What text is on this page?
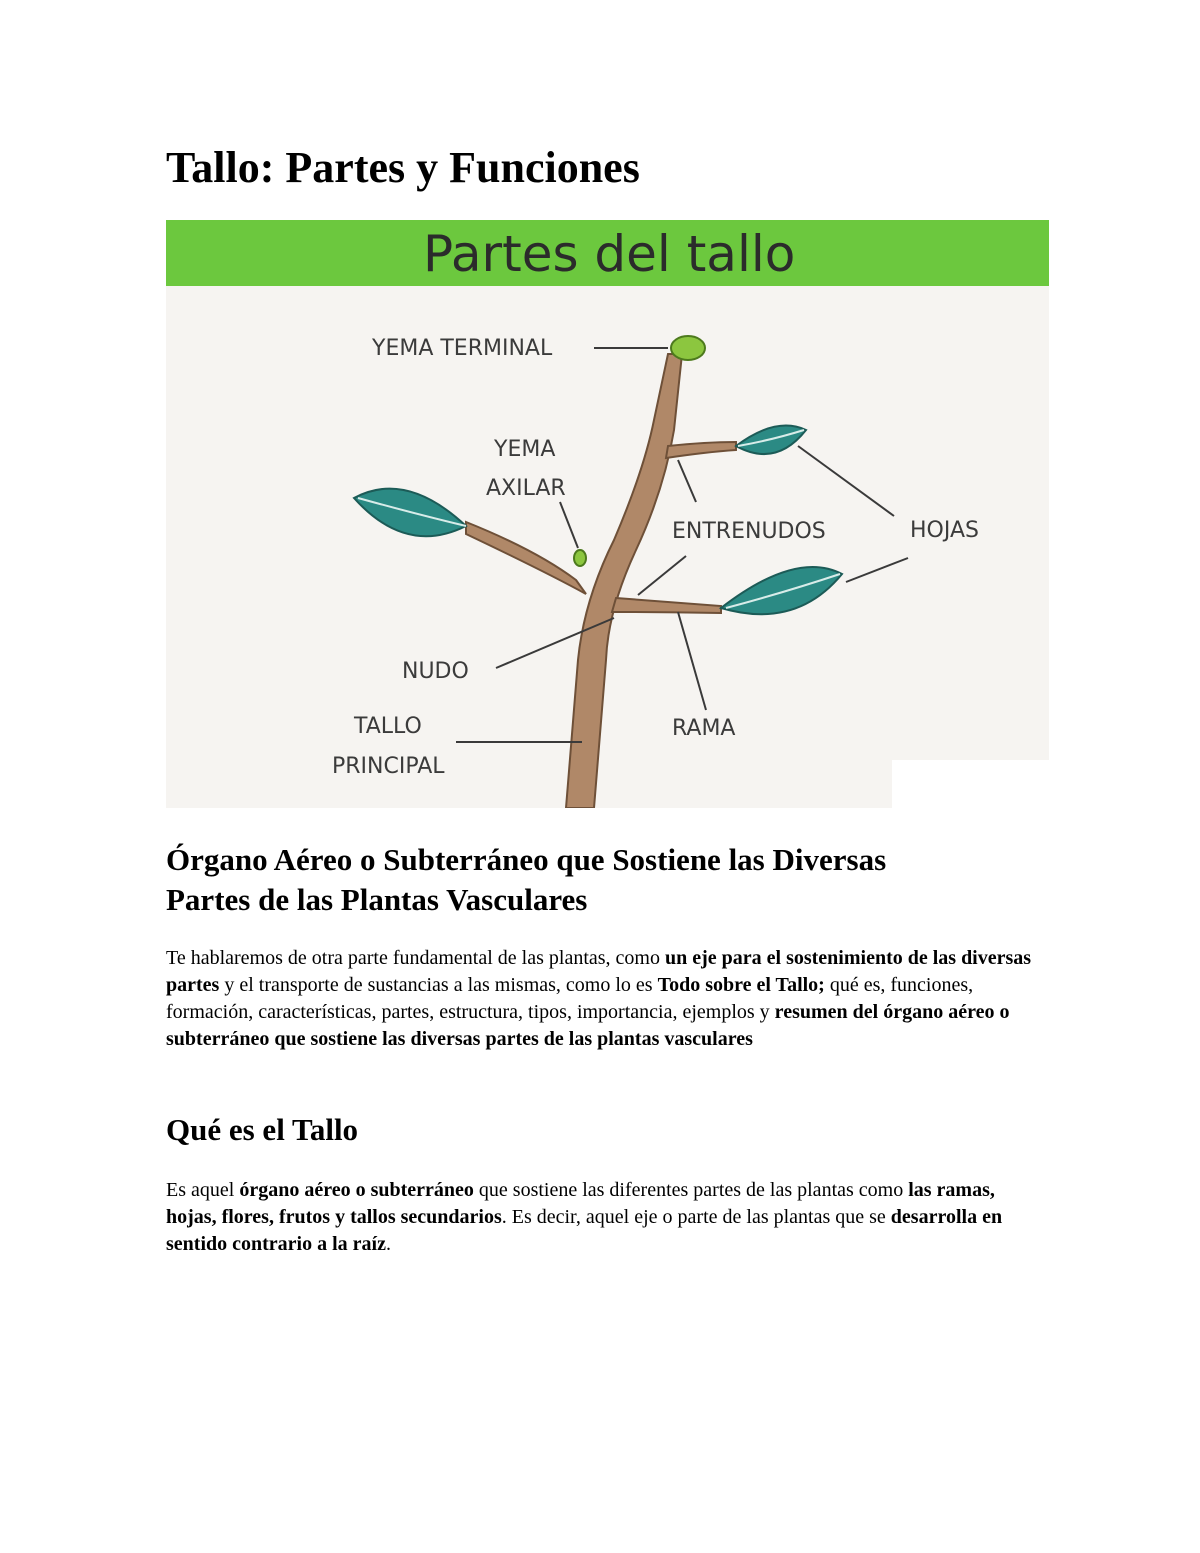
Tallo: Partes y Funciones
Partes del tallo
YEMA TERMINAL
YEMA
AXILAR
ENTRENUDOS	HOJAS
NUDO
TALLO
PRINCIPAL
RAMA
Órgano Aéreo o Subterráneo que Sostiene las Diversas
Partes de las Plantas Vasculares

Te hablaremos de otra parte fundamental de las plantas, como un eje para el sostenimiento de las diversas partes y el transporte de sustancias a las mismas, como lo es Todo sobre el Tallo; qué es, funciones, formación, características, partes, estructura, tipos, importancia, ejemplos y resumen del órgano aéreo o subterráneo que sostiene las diversas partes de las plantas vasculares

Qué es el Tallo

Es aquel órgano aéreo o subterráneo que sostiene las diferentes partes de las plantas como las ramas, hojas, flores, frutos y tallos secundarios. Es decir, aquel eje o parte de las plantas que se desarrolla en sentido contrario a la raíz.
